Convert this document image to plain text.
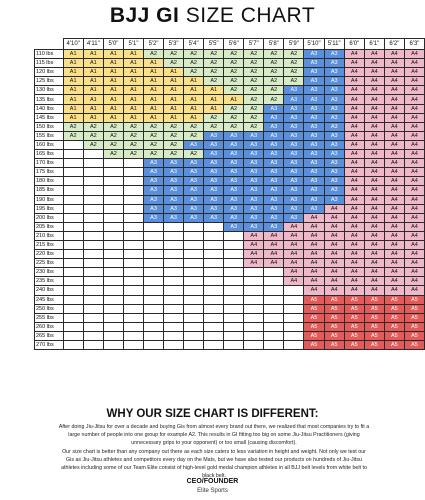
BJJ GI SIZE CHART
	4'10"	4'11"	5'0"	5'1"	5'2"	5'3"	5'4"	5'5"	5'6"	5'7"	5'8"	5'9"	5'10"	5'11"	6'0"	6'1"	6'2"	6'3"
110 lbs	A1	A1	A1	A1	A2	A2	A2	A2	A2	A2	A2	A2	A3	A3	A4	A4	A4	A4
115 lbs	A1	A1	A1	A1	A1	A2	A2	A2	A2	A2	A2	A2	A3	A3	A4	A4	A4	A4
120 lbs	A1	A1	A1	A1	A1	A1	A2	A2	A2	A2	A2	A2	A3	A3	A4	A4	A4	A4
125 lbs	A1	A1	A1	A1	A1	A1	A1	A2	A2	A2	A2	A2	A3	A3	A4	A4	A4	A4
130 lbs	A1	A1	A1	A1	A1	A1	A1	A1	A2	A2	A2	A3	A3	A3	A4	A4	A4	A4
135 lbs	A1	A1	A1	A1	A1	A1	A1	A1	A1	A2	A2	A3	A3	A3	A4	A4	A4	A4
140 lbs	A1	A1	A1	A1	A1	A1	A1	A1	A2	A2	A3	A3	A3	A3	A4	A4	A4	A4
145 lbs	A1	A1	A1	A1	A1	A1	A1	A2	A2	A2	A3	A3	A3	A3	A4	A4	A4	A4
150 lbs	A2	A2	A2	A2	A2	A2	A2	A2	A2	A2	A3	A3	A3	A3	A4	A4	A4	A4
155 lbs	A2	A2	A2	A2	A2	A2	A2	A3	A3	A3	A3	A3	A3	A3	A4	A4	A4	A4
160 lbs		A2	A2	A2	A2	A2	A3	A3	A3	A3	A3	A3	A3	A3	A4	A4	A4	A4
165 lbs			A2	A2	A2	A2	A2	A3	A3	A3	A3	A3	A3	A3	A4	A4	A4	A4
170 lbs					A3	A3	A3	A3	A3	A3	A3	A3	A3	A3	A4	A4	A4	A4
175 lbs					A3	A3	A3	A3	A3	A3	A3	A3	A3	A3	A4	A4	A4	A4
180 lbs					A3	A3	A3	A3	A3	A3	A3	A3	A3	A3	A4	A4	A4	A4
185 lbs					A3	A3	A3	A3	A3	A3	A3	A3	A3	A3	A4	A4	A4	A4
190 lbs					A3	A3	A3	A3	A3	A3	A3	A3	A3	A3	A4	A4	A4	A4
195 lbs					A3	A3	A3	A3	A3	A3	A3	A3	A3	A4	A4	A4	A4	A4
200 lbs					A3	A3	A3	A3	A3	A3	A3	A3	A4	A4	A4	A4	A4	A4
205 lbs									A3	A3	A3	A4	A4	A4	A4	A4	A4	A4
210 lbs										A4	A4	A4	A4	A4	A4	A4	A4	A4
215 lbs										A4	A4	A4	A4	A4	A4	A4	A4	A4
220 lbs										A4	A4	A4	A4	A4	A4	A4	A4	A4
225 lbs										A4	A4	A4	A4	A4	A4	A4	A4	A4
230 lbs												A4	A4	A4	A4	A4	A4	A4
235 lbs												A4	A4	A4	A4	A4	A4	A4
240 lbs													A4	A4	A4	A4	A4	A4
245 lbs													A5	A5	A5	A5	A5	A5
250 lbs													A5	A5	A5	A5	A5	A5
255 lbs													A5	A5	A5	A5	A5	A5
260 lbs													A5	A5	A5	A5	A5	A5
265 lbs													A5	A5	A5	A5	A5	A5
270 lbs													A5	A5	A5	A5	A5	A5
WHY OUR SIZE CHART IS DIFFERENT:
After doing Jiu-Jitsu for over a decade and buying Gis from almost every brand out there, we realized that most companies try to fit a large number of people into one group for example A2. This results in GI fitting too big on some Jiu-Jitsu Practitioners (giving unnecessary grips to your opponent) or too small (causing discomfort).
Our size chart is better than any company out there as each size caters to less variation in height and weight. Not only we test our Gis as Jiu-Jitsu athletes and competitors every day on the Mats, but we have also tested our products on hundreds of Jiu-Jitsu athletes including some of our Team Elite consist of high-level gold medal champion athletes in all BJJ belt levels from white belt to black belt.
CEO/FOUNDER
Elite Sports
